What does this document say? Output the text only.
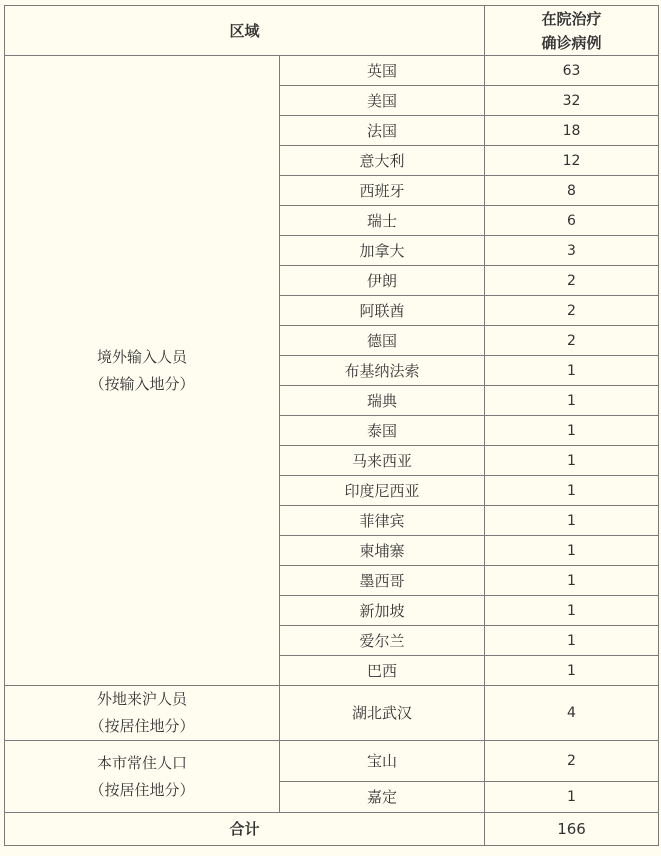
区域		在院治疗
确诊病例

境外输入人员
（按输入地分）	英国	63
	美国	32
	法国	18
	意大利	12
	西班牙	8
	瑞士	6
	加拿大	3
	伊朗	2
	阿联酋	2
	德国	2
	布基纳法索	1
	瑞典	1
	泰国	1
	马来西亚	1
	印度尼西亚	1
	菲律宾	1
	柬埔寨	1
	墨西哥	1
	新加坡	1
	爱尔兰	1
	巴西	1

外地来沪人员
（按居住地分）	湖北武汉	4

本市常住人口
（按居住地分）	宝山	2
	嘉定	1
合计		166
